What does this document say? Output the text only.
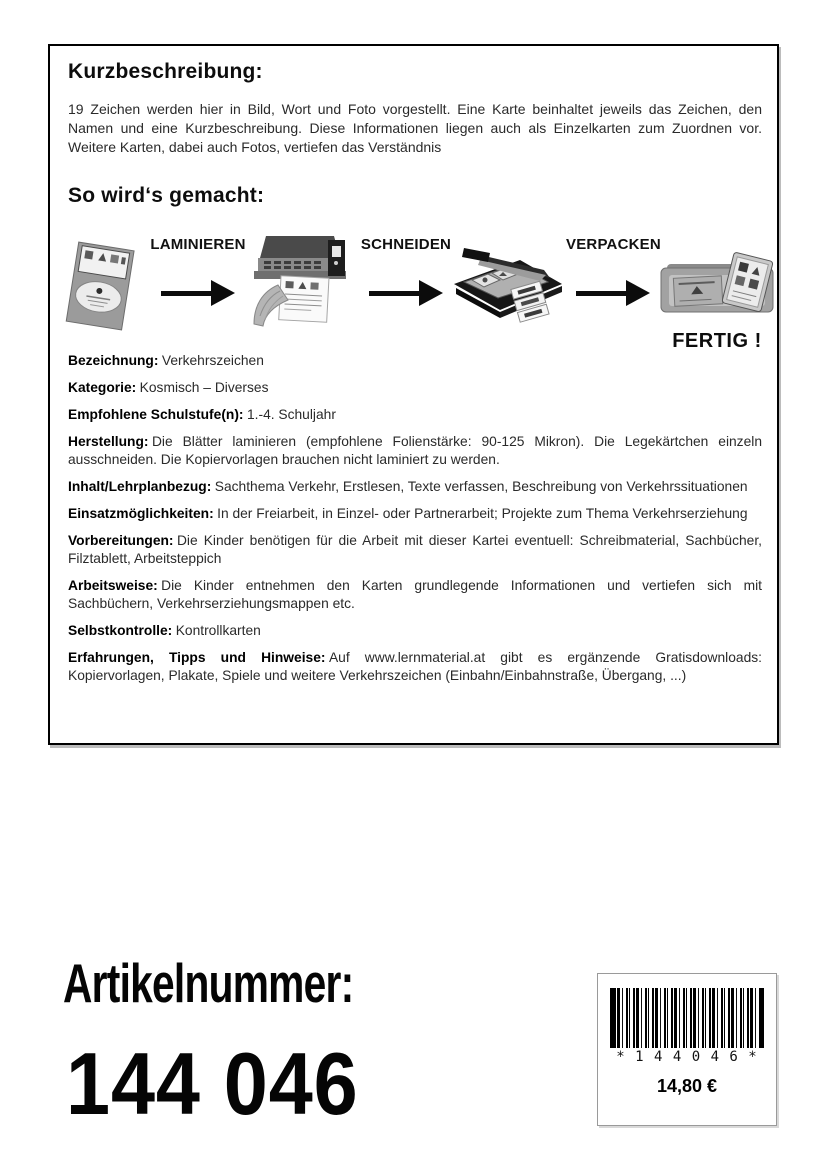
Kurzbeschreibung:

19 Zeichen werden hier in Bild, Wort und Foto vorgestellt. Eine Karte beinhaltet jeweils das Zeichen, den Namen und eine Kurzbeschreibung. Diese Informationen liegen auch als Einzelkarten zum Zuordnen vor. Weitere Karten, dabei auch Fotos, vertiefen das Verständnis

So wird‘s gemacht:
LAMINIEREN	SCHNEIDEN	VERPACKEN
FERTIG !

Bezeichnung: Verkehrszeichen

Kategorie: Kosmisch – Diverses

Empfohlene Schulstufe(n): 1.-4. Schuljahr

Herstellung: Die Blätter laminieren (empfohlene Folienstärke: 90-125 Mikron). Die Legekärtchen einzeln ausschneiden. Die Kopiervorlagen brauchen nicht laminiert zu werden.

Inhalt/Lehrplanbezug: Sachthema Verkehr, Erstlesen, Texte verfassen, Beschreibung von Verkehrssituationen

Einsatzmöglichkeiten: In der Freiarbeit, in Einzel- oder Partnerarbeit; Projekte zum Thema Verkehrserziehung

Vorbereitungen: Die Kinder benötigen für die Arbeit mit dieser Kartei eventuell: Schreibmaterial, Sachbücher, Filztablett, Arbeitsteppich

Arbeitsweise: Die Kinder entnehmen den Karten grundlegende Informationen und vertiefen sich mit Sachbüchern, Verkehrserziehungsmappen etc.

Selbstkontrolle: Kontrollkarten

Erfahrungen, Tipps und Hinweise: Auf www.lernmaterial.at gibt es ergänzende Gratisdownloads: Kopiervorlagen, Plakate, Spiele und weitere Verkehrszeichen (Einbahn/Einbahnstraße, Übergang, ...)

Artikelnummer:
144 046	* 1 4 4 0 4 6 *
14,80 €
